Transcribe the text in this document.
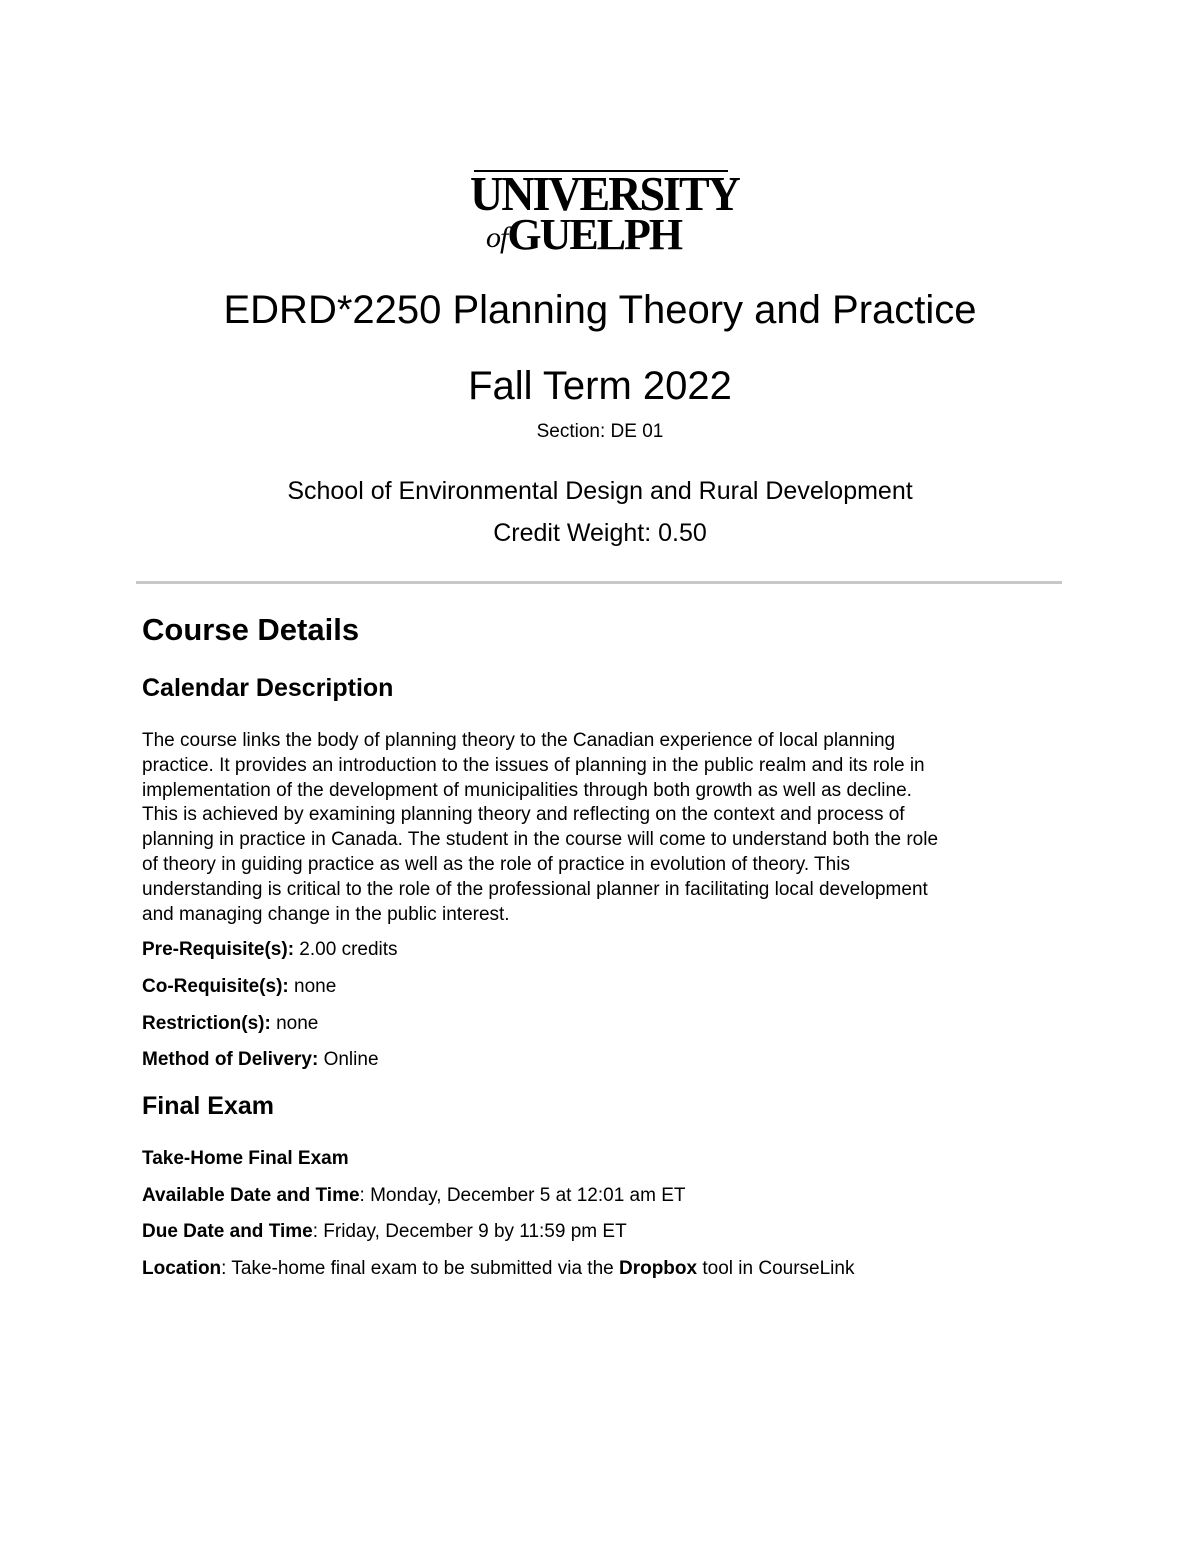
UNIVERSITY
ofGUELPH
EDRD*2250 Planning Theory and Practice
Fall Term 2022
Section: DE 01
School of Environmental Design and Rural Development
Credit Weight: 0.50
Course Details
Calendar Description
The course links the body of planning theory to the Canadian experience of local planning
practice. It provides an introduction to the issues of planning in the public realm and its role in
implementation of the development of municipalities through both growth as well as decline.
This is achieved by examining planning theory and reflecting on the context and process of
planning in practice in Canada. The student in the course will come to understand both the role
of theory in guiding practice as well as the role of practice in evolution of theory. This
understanding is critical to the role of the professional planner in facilitating local development
and managing change in the public interest.
Pre-Requisite(s): 2.00 credits
Co-Requisite(s): none
Restriction(s): none
Method of Delivery: Online
Final Exam
Take-Home Final Exam
Available Date and Time: Monday, December 5 at 12:01 am ET
Due Date and Time: Friday, December 9 by 11:59 pm ET
Location: Take-home final exam to be submitted via the Dropbox tool in CourseLink
